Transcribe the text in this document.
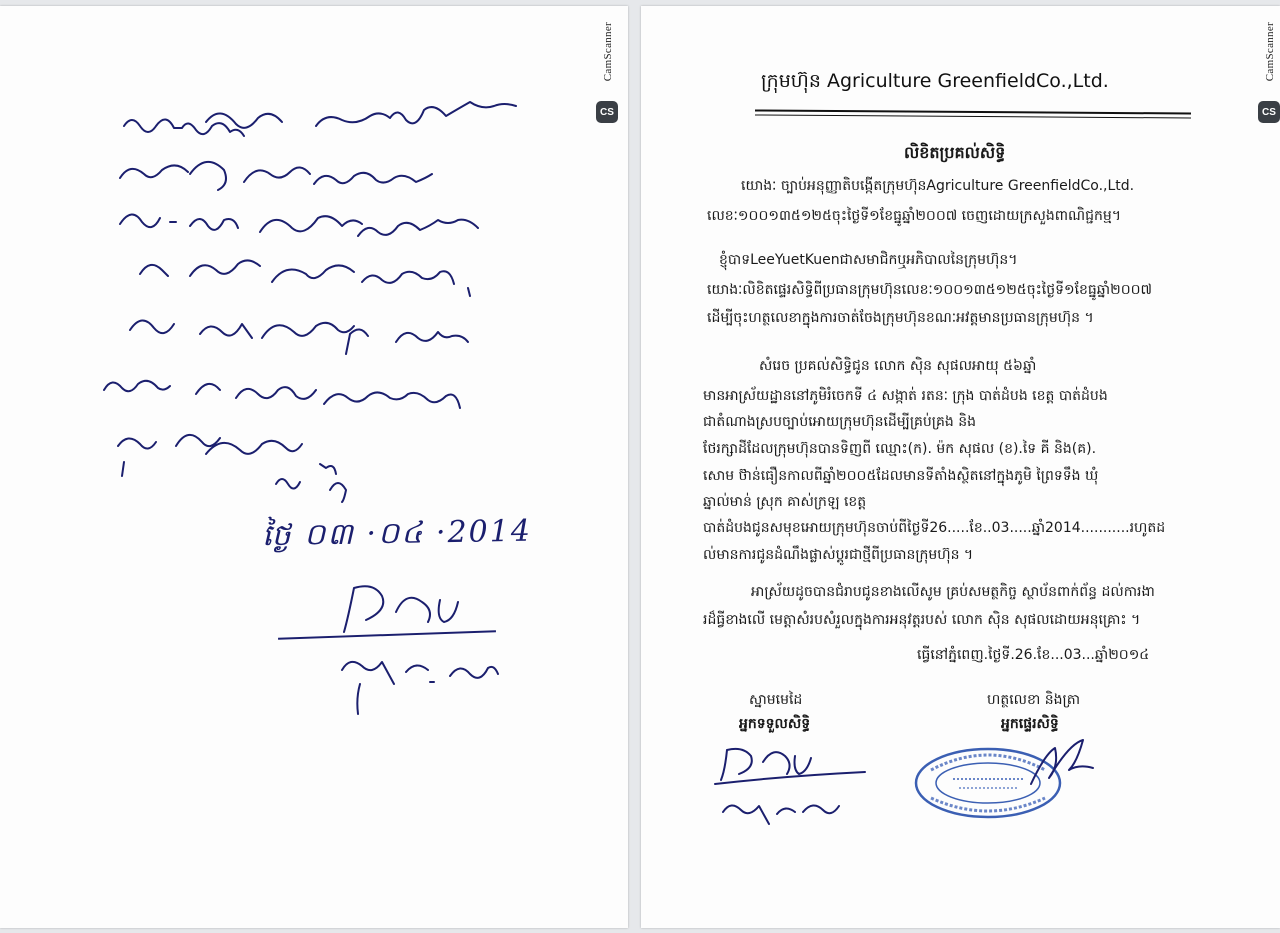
ថ្ងៃ ០៣ ·០៤ ·2014
CS
CamScanner	ក្រុមហ៊ុន Agriculture GreenfieldCo.,Ltd.
លិខិតប្រគល់សិទ្ធិ
យោងៈ ច្បាប់អនុញ្ញាតិបង្កើតក្រុមហ៊ុនAgriculture GreenfieldCo.,Ltd.
លេខៈ១០០១៣៥១២៥ចុះថ្ងៃទី១ខែធ្នូឆ្នាំ២០០៧ ចេញដោយក្រសួងពាណិជ្ជកម្ម។
ខ្ញុំបាទLeeYuetKuenជាសមាជិកឬអភិបាលនៃក្រុមហ៊ុន។
យោងៈលិខិតផ្ទេរសិទ្ធិពីប្រធានក្រុមហ៊ុនលេខៈ១០០១៣៥១២៥ចុះថ្ងៃទី១ខែធ្នូឆ្នាំ២០០៧
ដើម្បីចុះហត្ថលេខាក្នុងការចាត់ចែងក្រុមហ៊ុនខណៈអវត្តមានប្រធានក្រុមហ៊ុន ។
សំរេច ប្រគល់សិទ្ធិជូន លោក ស៊ិន សុផលអាយុ ៥៦ឆ្នាំ
មានអាស្រ័យដ្ឋាននៅភូមិរំចេកទី ៤ សង្កាត់ រតនៈ ក្រុង បាត់ដំបង ខេត្ត បាត់ដំបង
ជាតំណាងស្របច្បាប់អោយក្រុមហ៊ុនដើម្បីគ្រប់គ្រង និង
ថែរក្សាដីដែលក្រុមហ៊ុនបានទិញពី ឈ្មោះ(ក). ម៉ក សុផល (ខ).ទៃ គី និង(គ).
សោម ថ៊ាន់ធឿនកាលពីឆ្នាំ២០០៥ដែលមានទីតាំងស្ថិតនៅក្នុងភូមិ ព្រៃទទឹង ឃុំ
ឆ្នាល់មាន់ ស្រុក គាស់ក្រឡ ខេត្ត
បាត់ដំបងជូនសមុខអោយក្រុមហ៊ុនចាប់ពីថ្ងៃទី26.....ខែ..03.....ឆ្នាំ2014...........រហូតដ
ល់មានការជូនដំណឹងផ្លាស់ប្តូរជាថ្មីពីប្រធានក្រុមហ៊ុន ។
អាស្រ័យដូចបានជំរាបជូនខាងលើសូម គ្រប់សមត្ថកិច្ច ស្ថាប័នពាក់ព័ន្ធ ដល់ការងា
រដ៏ធ្វីខាងលើ មេត្តាសំរបសំរួលក្នុងការអនុវត្តរបស់ លោក ស៊ិន សុផលដោយអនុគ្រោះ ។
ធ្វើនៅភ្នំពេញ.ថ្ងៃទី.26.ខែ...03...ឆ្នាំ២០១៤
ស្នាមមេដៃ
អ្នកទទួលសិទ្ធិ
ហត្ថលេខា និងត្រា
អ្នកផ្ទេរសិទ្ធិ
CS
CamScanner
